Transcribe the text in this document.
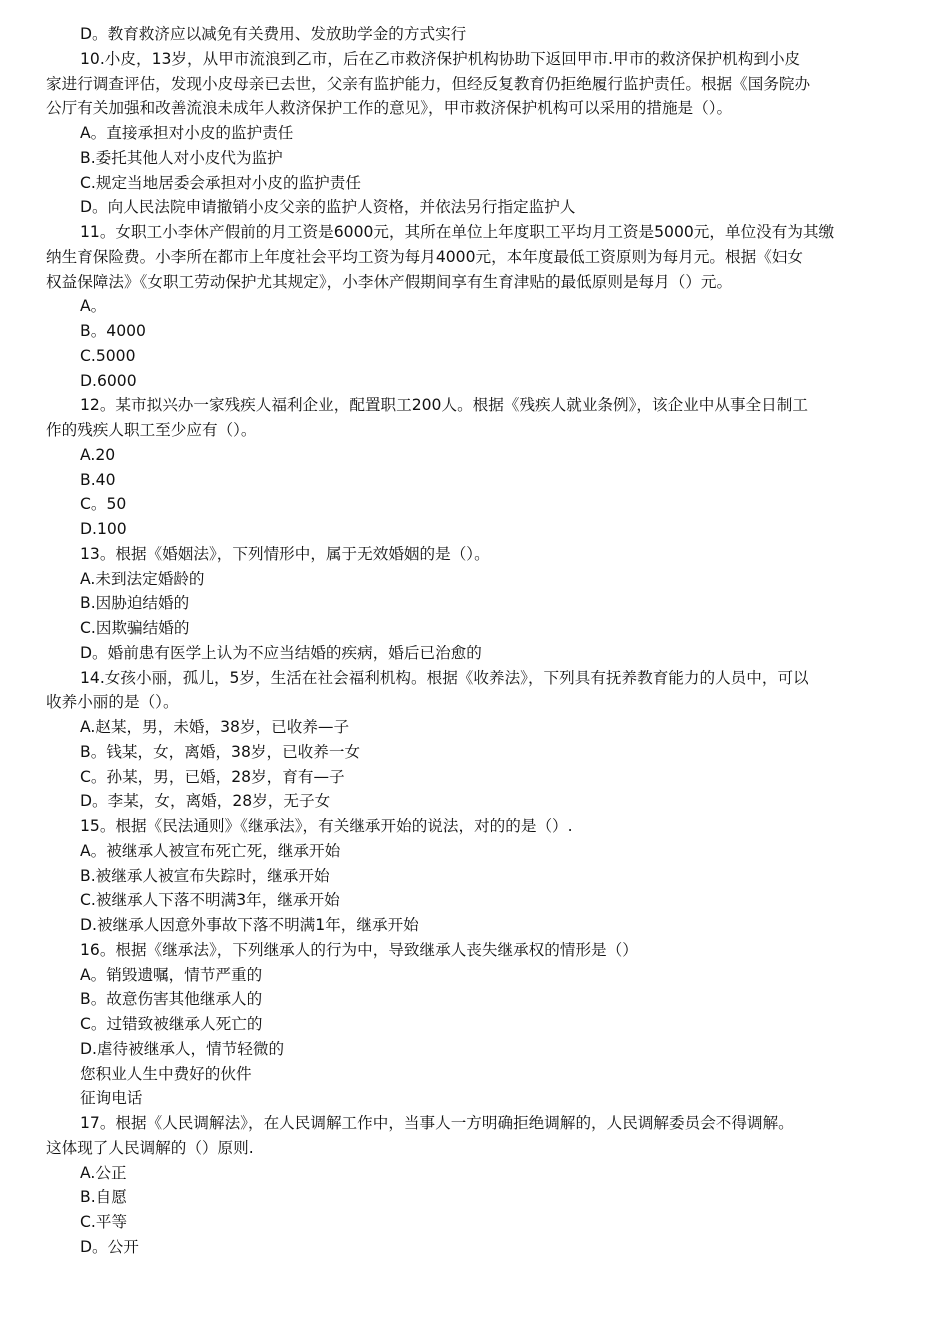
D。教育救济应以减免有关费用、发放助学金的方式实行
10.小皮，13岁，从甲市流浪到乙市，后在乙市救济保护机构协助下返回甲市.甲市的救济保护机构到小皮
家进行调查评估，发现小皮母亲已去世，父亲有监护能力，但经反复教育仍拒绝履行监护责任。根据《国务院办
公厅有关加强和改善流浪未成年人救济保护工作的意见》，甲市救济保护机构可以采用的措施是（）。
A。直接承担对小皮的监护责任
B.委托其他人对小皮代为监护
C.规定当地居委会承担对小皮的监护责任
D。向人民法院申请撤销小皮父亲的监护人资格，并依法另行指定监护人
11。女职工小李休产假前的月工资是6000元，其所在单位上年度职工平均月工资是5000元，单位没有为其缴
纳生育保险费。小李所在都市上年度社会平均工资为每月4000元，本年度最低工资原则为每月元。根据《妇女
权益保障法》《女职工劳动保护尤其规定》，小李休产假期间享有生育津贴的最低原则是每月（）元。
A。
B。4000
C.5000
D.6000
12。某市拟兴办一家残疾人福利企业，配置职工200人。根据《残疾人就业条例》，该企业中从事全日制工
作的残疾人职工至少应有（）。
A.20
B.40
C。50
D.100
13。根据《婚姻法》，下列情形中，属于无效婚姻的是（）。
A.未到法定婚龄的
B.因胁迫结婚的
C.因欺骗结婚的
D。婚前患有医学上认为不应当结婚的疾病，婚后已治愈的
14.女孩小丽，孤儿，5岁，生活在社会福利机构。根据《收养法》，下列具有抚养教育能力的人员中，可以
收养小丽的是（）。
A.赵某，男，未婚，38岁，已收养—子
B。钱某，女，离婚，38岁，已收养一女
C。孙某，男，已婚，28岁，育有—子
D。李某，女，离婚，28岁，无子女
15。根据《民法通则》《继承法》，有关继承开始的说法，对的的是（）.
A。被继承人被宣布死亡死，继承开始
B.被继承人被宣布失踪时，继承开始
C.被继承人下落不明满3年，继承开始
D.被继承人因意外事故下落不明满1年，继承开始
16。根据《继承法》，下列继承人的行为中，导致继承人丧失继承权的情形是（）
A。销毁遗嘱，情节严重的
B。故意伤害其他继承人的
C。过错致被继承人死亡的
D.虐待被继承人，情节轻微的
您积业人生中费好的伙件
征询电话
17。根据《人民调解法》，在人民调解工作中，当事人一方明确拒绝调解的，人民调解委员会不得调解。
这体现了人民调解的（）原则.
A.公正
B.自愿
C.平等
D。公开
